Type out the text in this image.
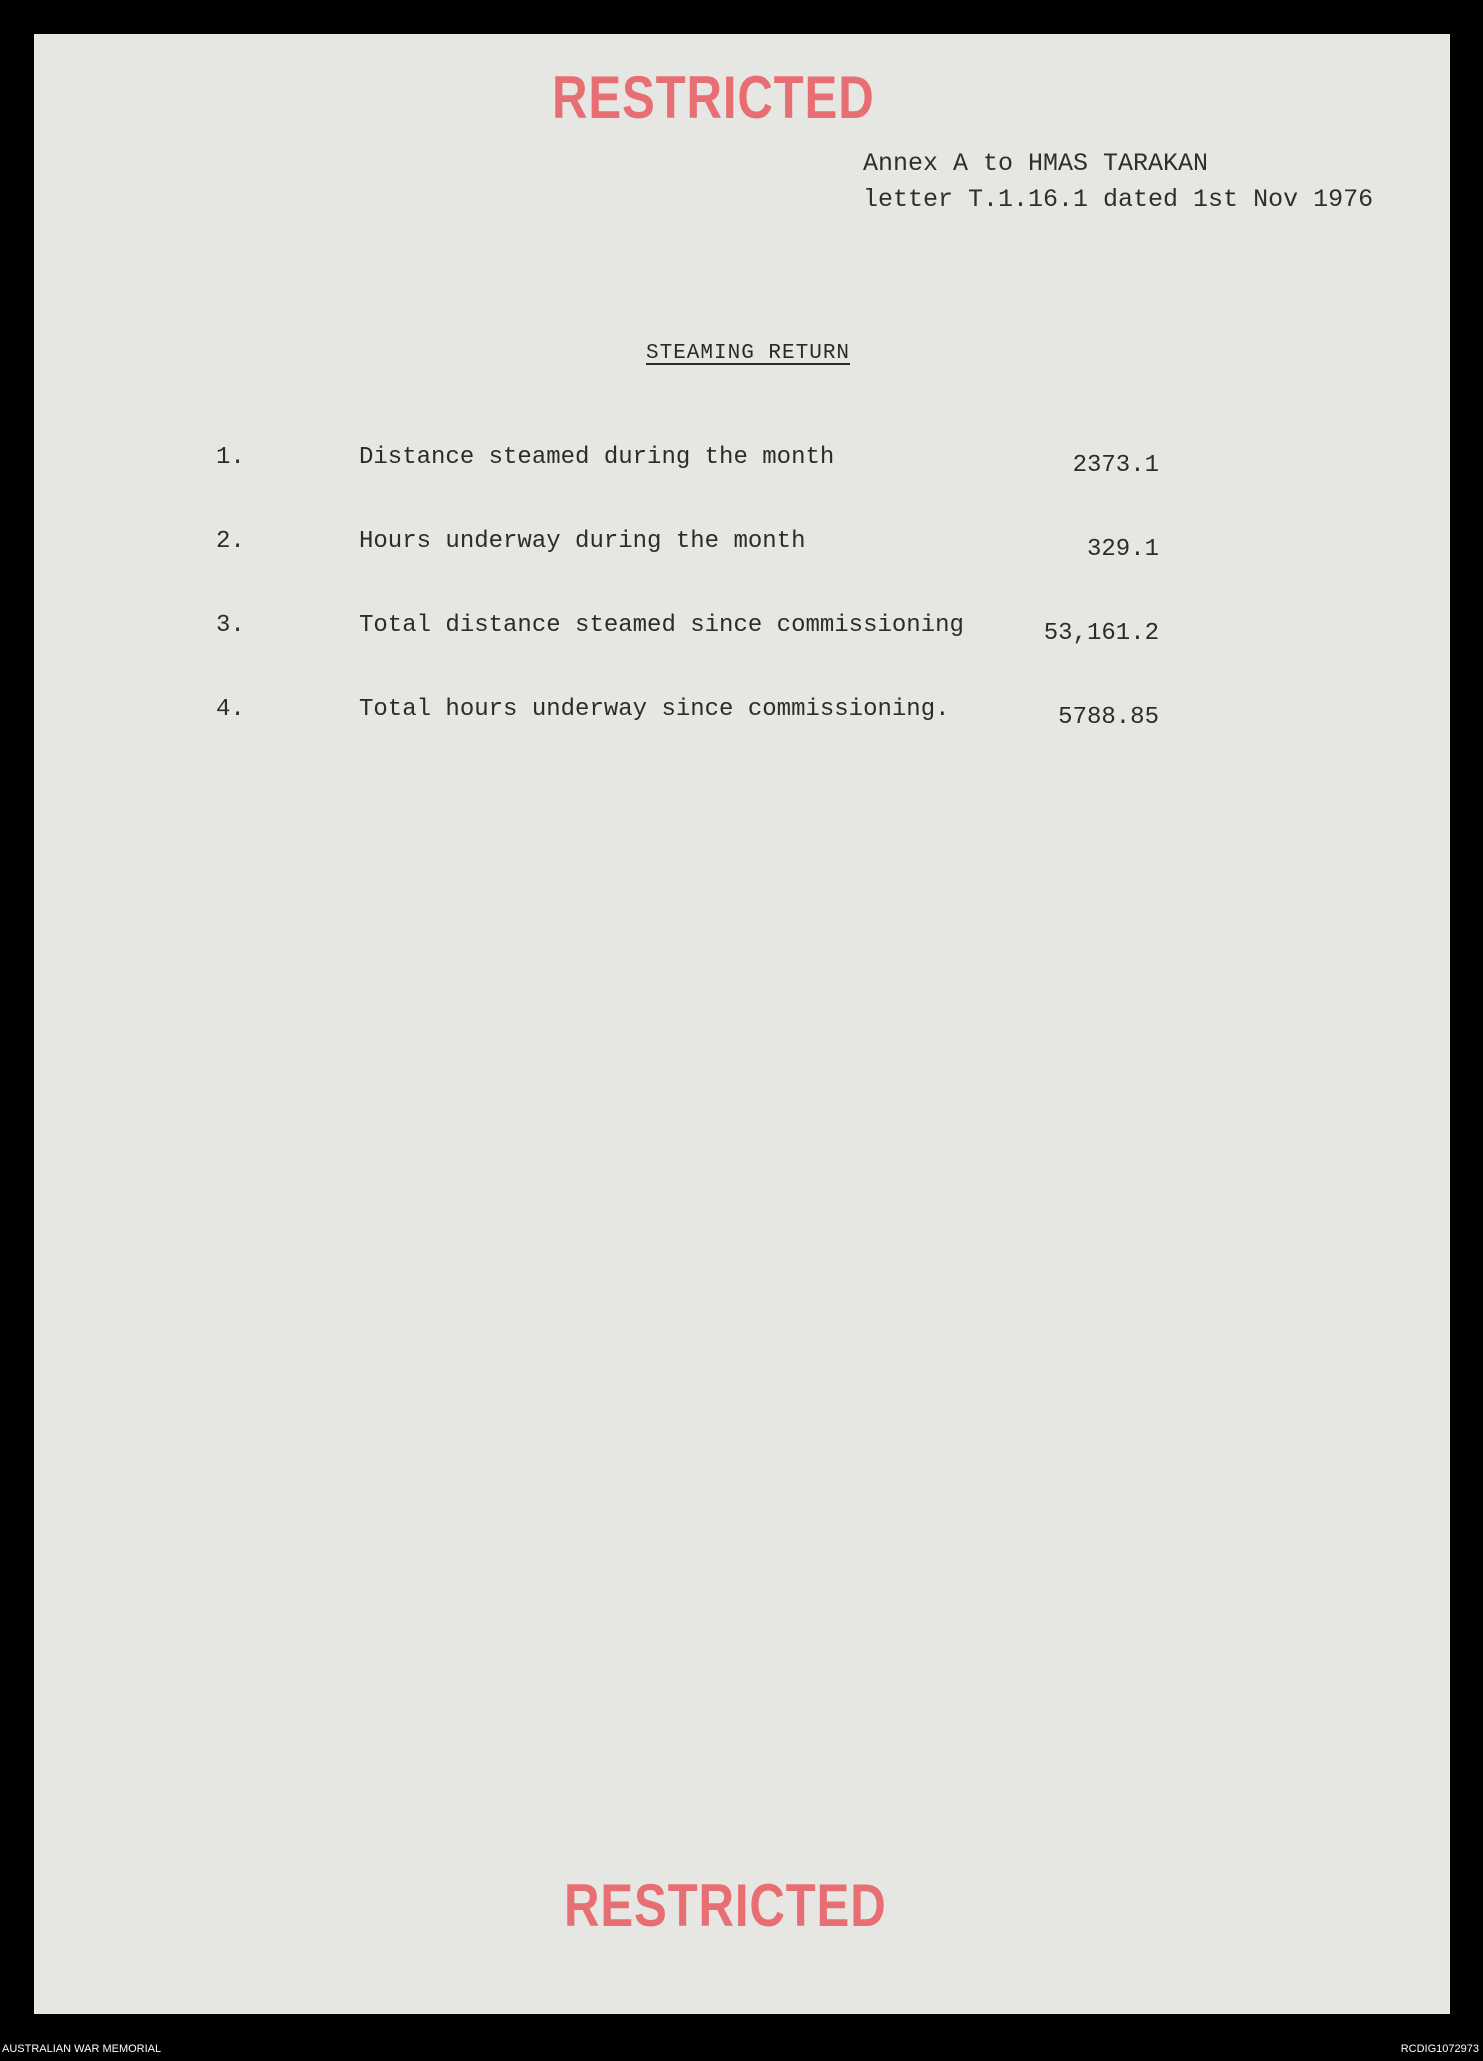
RESTRICTED
Annex A to HMAS TARAKAN
letter T.1.16.1 dated 1st Nov 1976
STEAMING RETURN
1.	Distance steamed during the month	2373.1
2.	Hours underway during the month	329.1
3.	Total distance steamed since commissioning	53,161.2
4.	Total hours underway since commissioning.	5788.85
RESTRICTED
AUSTRALIAN WAR MEMORIAL	RCDIG1072973
